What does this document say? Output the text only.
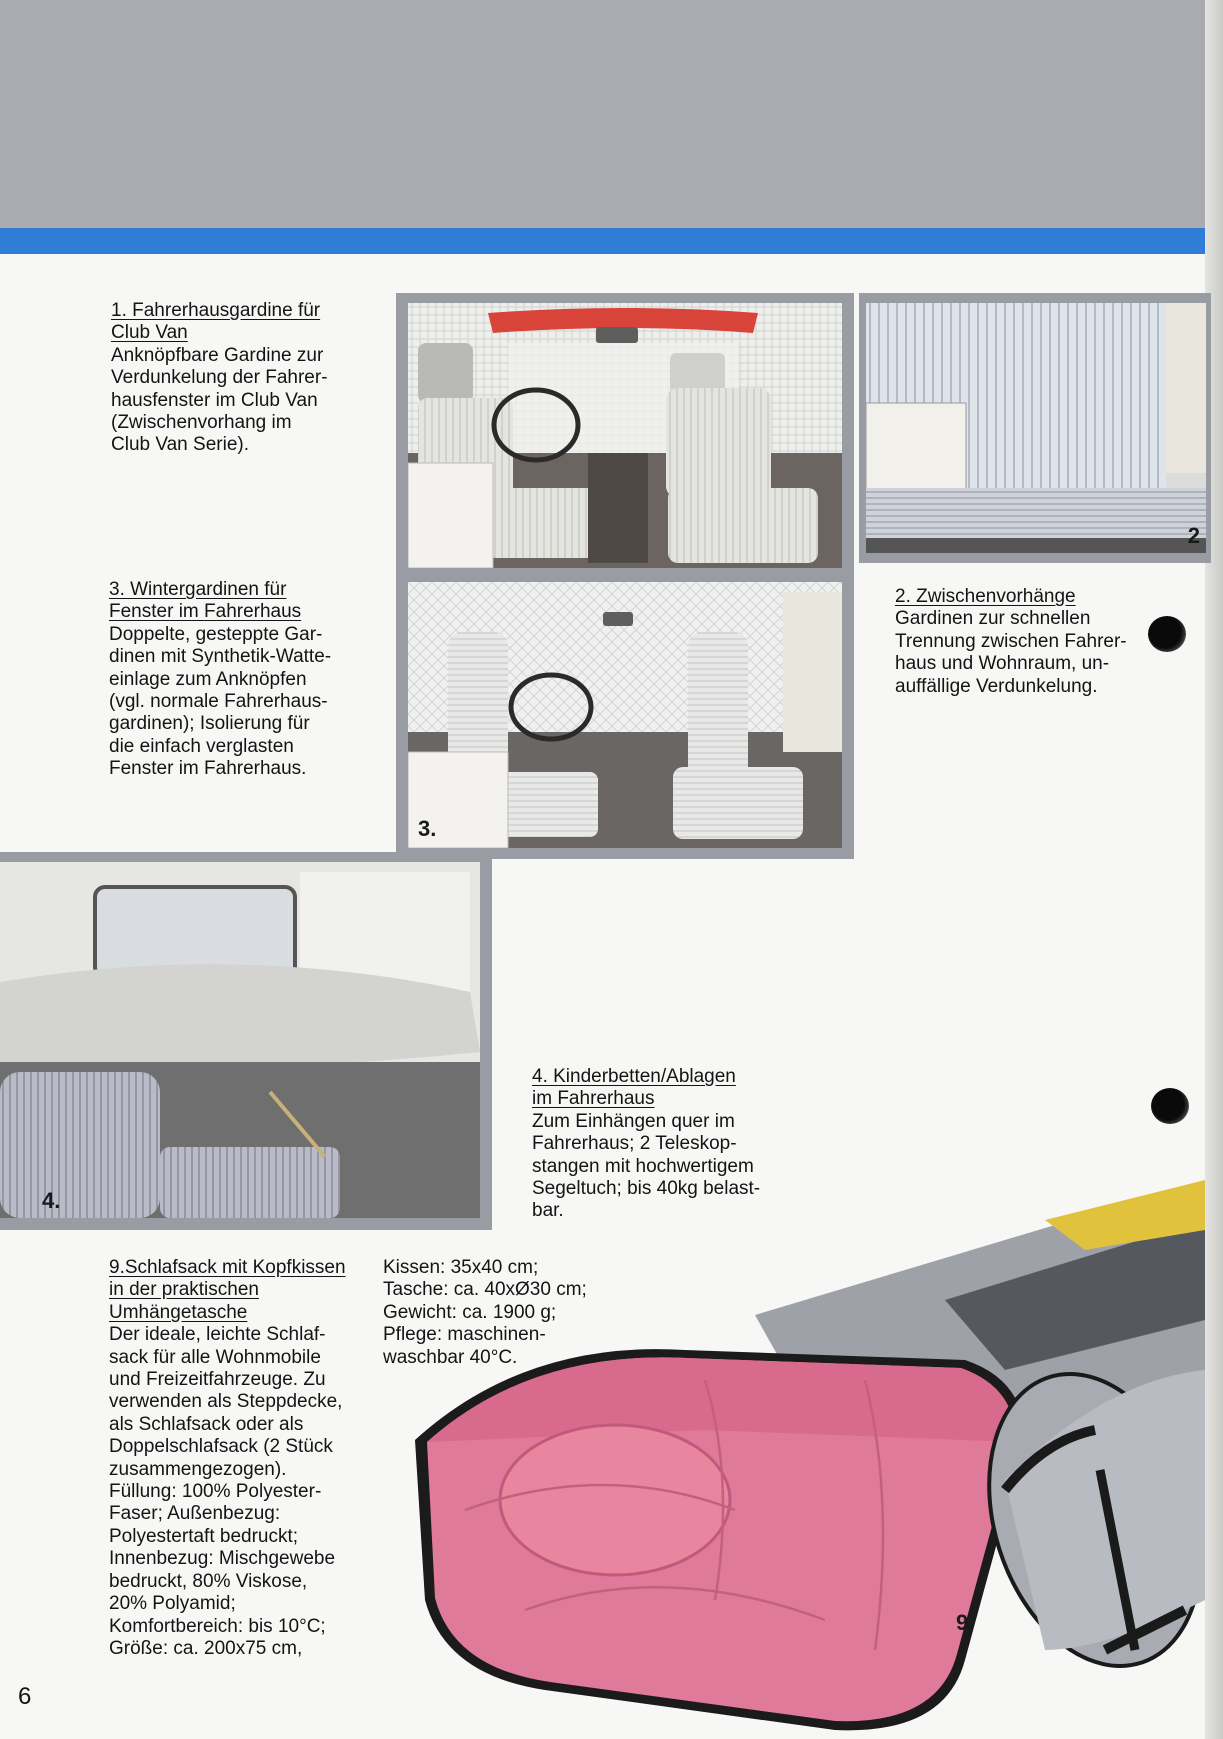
1. Fahrerhausgardine für
Club Van

Anknöpfbare Gardine zur
Verdunkelung der Fahrer-
hausfenster im Club Van
(Zwischenvorhang im
Club Van Serie).

3. Wintergardinen für
Fenster im Fahrerhaus

Doppelte, gesteppte Gar-
dinen mit Synthetik-Watte-
einlage zum Anknöpfen
(vgl. normale Fahrerhaus-
gardinen); Isolierung für
die einfach verglasten
Fenster im Fahrerhaus.

2. Zwischenvorhänge

Gardinen zur schnellen
Trennung zwischen Fahrer-
haus und Wohnraum, un-
auffällige Verdunkelung.

4. Kinderbetten/Ablagen
im Fahrerhaus

Zum Einhängen quer im
Fahrerhaus; 2 Teleskop-
stangen mit hochwertigem
Segeltuch; bis 40kg belast-
bar.

9.Schlafsack mit Kopfkissen
in der praktischen
Umhängetasche

Der ideale, leichte Schlaf-
sack für alle Wohnmobile
und Freizeitfahrzeuge. Zu
verwenden als Steppdecke,
als Schlafsack oder als
Doppelschlafsack (2 Stück
zusammengezogen).
Füllung: 100% Polyester-
Faser; Außenbezug:
Polyestertaft bedruckt;
Innenbezug: Mischgewebe
bedruckt, 80% Viskose,
20% Polyamid;
Komfortbereich: bis 10°C;
Größe: ca. 200x75 cm,

Kissen: 35x40 cm;
Tasche: ca. 40xØ30 cm;
Gewicht: ca. 1900 g;
Pflege: maschinen-
waschbar 40°C.

2
3.
4.
9.
6
